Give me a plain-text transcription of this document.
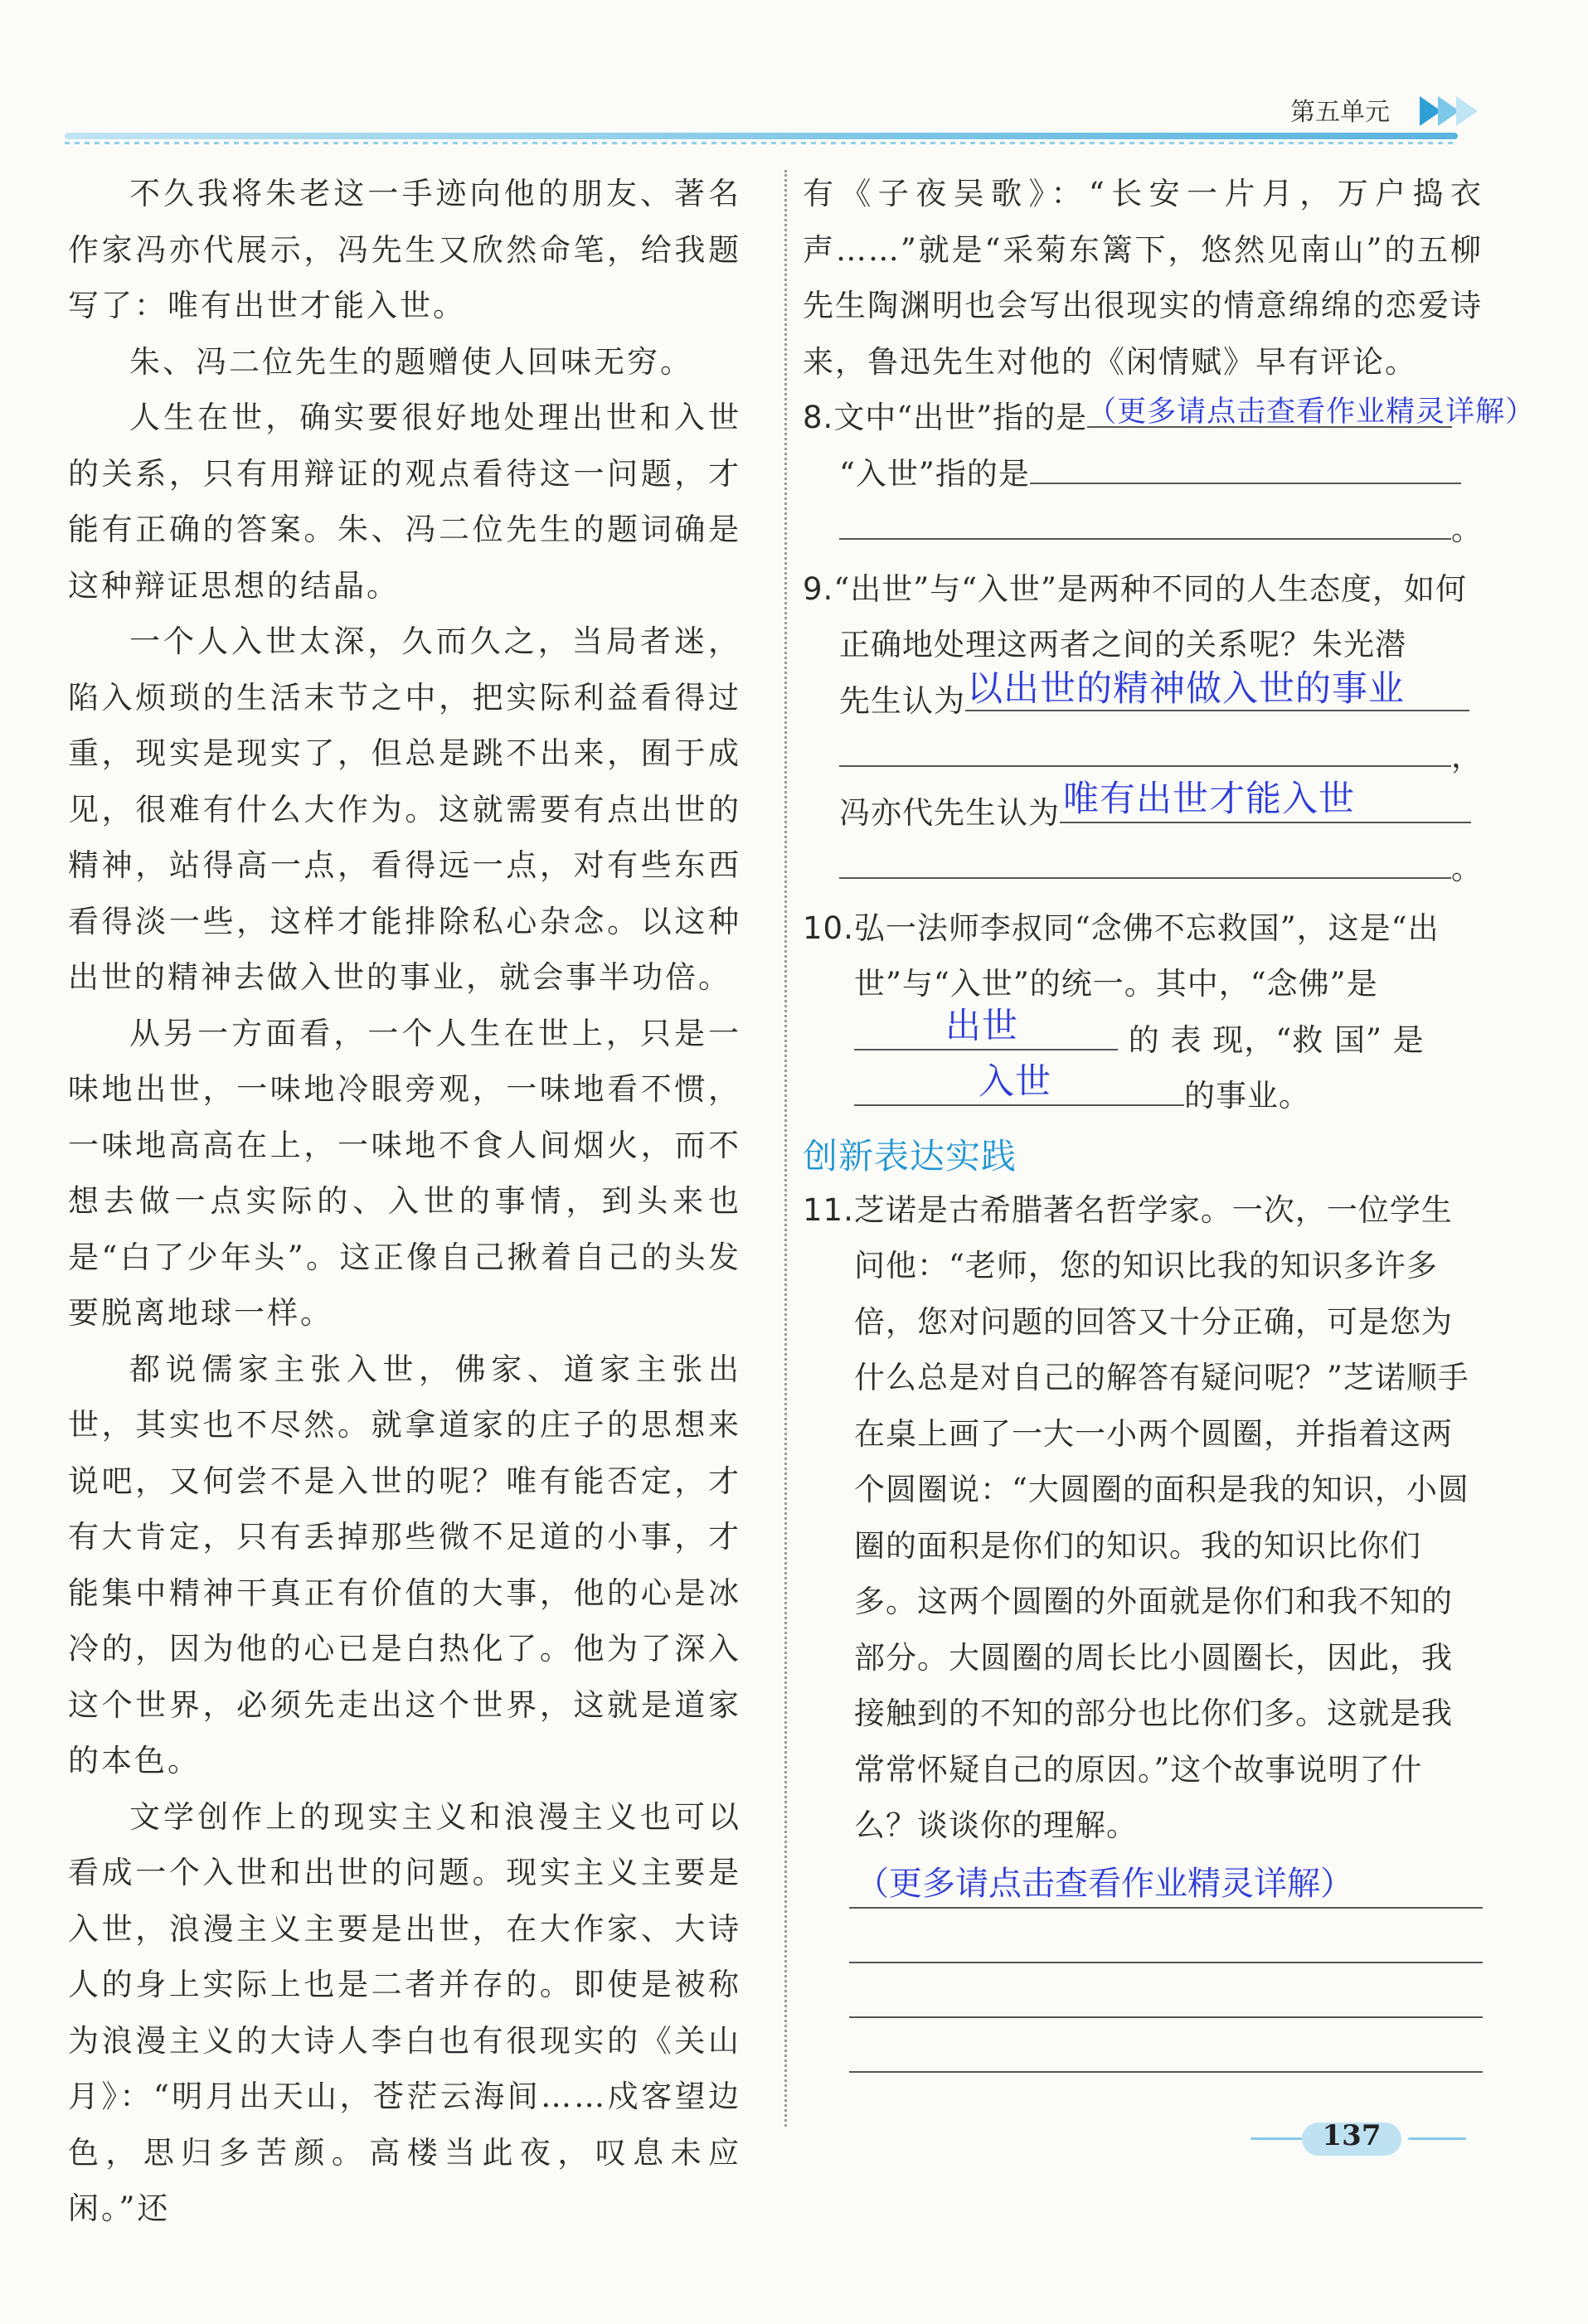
第五单元

不久我将朱老这一手迹向他的朋友、著名作家冯亦代展示，冯先生又欣然命笔，给我题写了：唯有出世才能入世。

朱、冯二位先生的题赠使人回味无穷。

人生在世，确实要很好地处理出世和入世的关系，只有用辩证的观点看待这一问题，才能有正确的答案。朱、冯二位先生的题词确是这种辩证思想的结晶。

一个人入世太深，久而久之，当局者迷，陷入烦琐的生活末节之中，把实际利益看得过重，现实是现实了，但总是跳不出来，囿于成见，很难有什么大作为。这就需要有点出世的精神，站得高一点，看得远一点，对有些东西看得淡一些，这样才能排除私心杂念。以这种出世的精神去做入世的事业，就会事半功倍。

从另一方面看，一个人生在世上，只是一味地出世，一味地冷眼旁观，一味地看不惯，一味地高高在上，一味地不食人间烟火，而不想去做一点实际的、入世的事情，到头来也是“白了少年头”。这正像自己揪着自己的头发要脱离地球一样。

都说儒家主张入世，佛家、道家主张出世，其实也不尽然。就拿道家的庄子的思想来说吧，又何尝不是入世的呢？唯有能否定，才有大肯定，只有丢掉那些微不足道的小事，才能集中精神干真正有价值的大事，他的心是冰冷的，因为他的心已是白热化了。他为了深入这个世界，必须先走出这个世界，这就是道家的本色。

文学创作上的现实主义和浪漫主义也可以看成一个入世和出世的问题。现实主义主要是入世，浪漫主义主要是出世，在大作家、大诗人的身上实际上也是二者并存的。即使是被称为浪漫主义的大诗人李白也有很现实的《关山月》：“明月出天山，苍茫云海间……戍客望边色，思归多苦颜。高楼当此夜，叹息未应闲。”还

有《子夜吴歌》：“长安一片月，万户捣衣声……”就是“采菊东篱下，悠然见南山”的五柳先生陶渊明也会写出很现实的情意绵绵的恋爱诗来，鲁迅先生对他的《闲情赋》早有评论。

8.文中“出世”指的是 （更多请点击查看作业精灵详解）

“入世”指的是

。

9.“出世”与“入世”是两种不同的人生态度，如何正确地处理这两者之间的关系呢？朱光潜

先生认为 以出世的精神做入世的事业

，

冯亦代先生认为 唯有出世才能入世

。

10.弘一法师李叔同“念佛不忘救国”，这是“出世”与“入世”的统一。其中，“念佛”是

出世	的 表 现，“救 国” 是

入世	的事业。

创新表达实践

11.芝诺是古希腊著名哲学家。一次，一位学生问他：“老师，您的知识比我的知识多许多倍，您对问题的回答又十分正确，可是您为什么总是对自己的解答有疑问呢？”芝诺顺手在桌上画了一大一小两个圆圈，并指着这两个圆圈说：“大圆圈的面积是我的知识，小圆圈的面积是你们的知识。我的知识比你们多。这两个圆圈的外面就是你们和我不知的部分。大圆圈的周长比小圆圈长，因此，我接触到的不知的部分也比你们多。这就是我常常怀疑自己的原因。”这个故事说明了什么？谈谈你的理解。

（更多请点击查看作业精灵详解）
137
